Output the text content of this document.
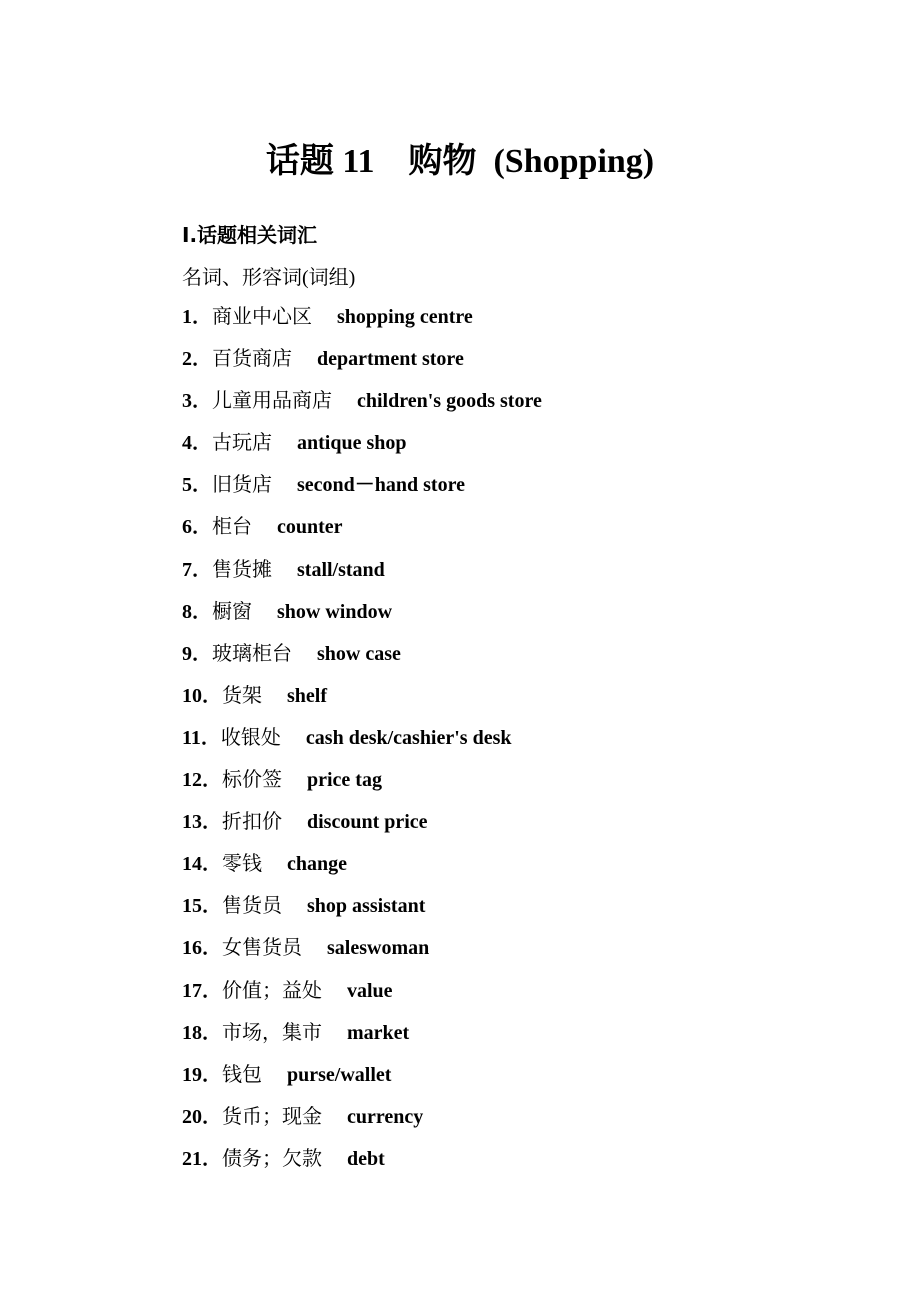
话题 11　购物  (Shopping)
Ⅰ.话题相关词汇
名词、形容词(词组)
1．商业中心区　 shopping centre
2．百货商店　 department store
3．儿童用品商店　 children's goods store
4．古玩店　 antique shop
5．旧货店　 second－hand store
6．柜台　 counter
7．售货摊　 stall/stand
8．橱窗　 show window
9．玻璃柜台　 show case
10．货架　 shelf
11．收银处　 cash desk/cashier's desk
12．标价签　 price tag
13．折扣价　 discount price
14．零钱　 change
15．售货员　 shop assistant
16．女售货员　 saleswoman
17．价值；益处　 value
18．市场，集市　 market
19．钱包　 purse/wallet
20．货币；现金　 currency
21．债务；欠款　 debt
